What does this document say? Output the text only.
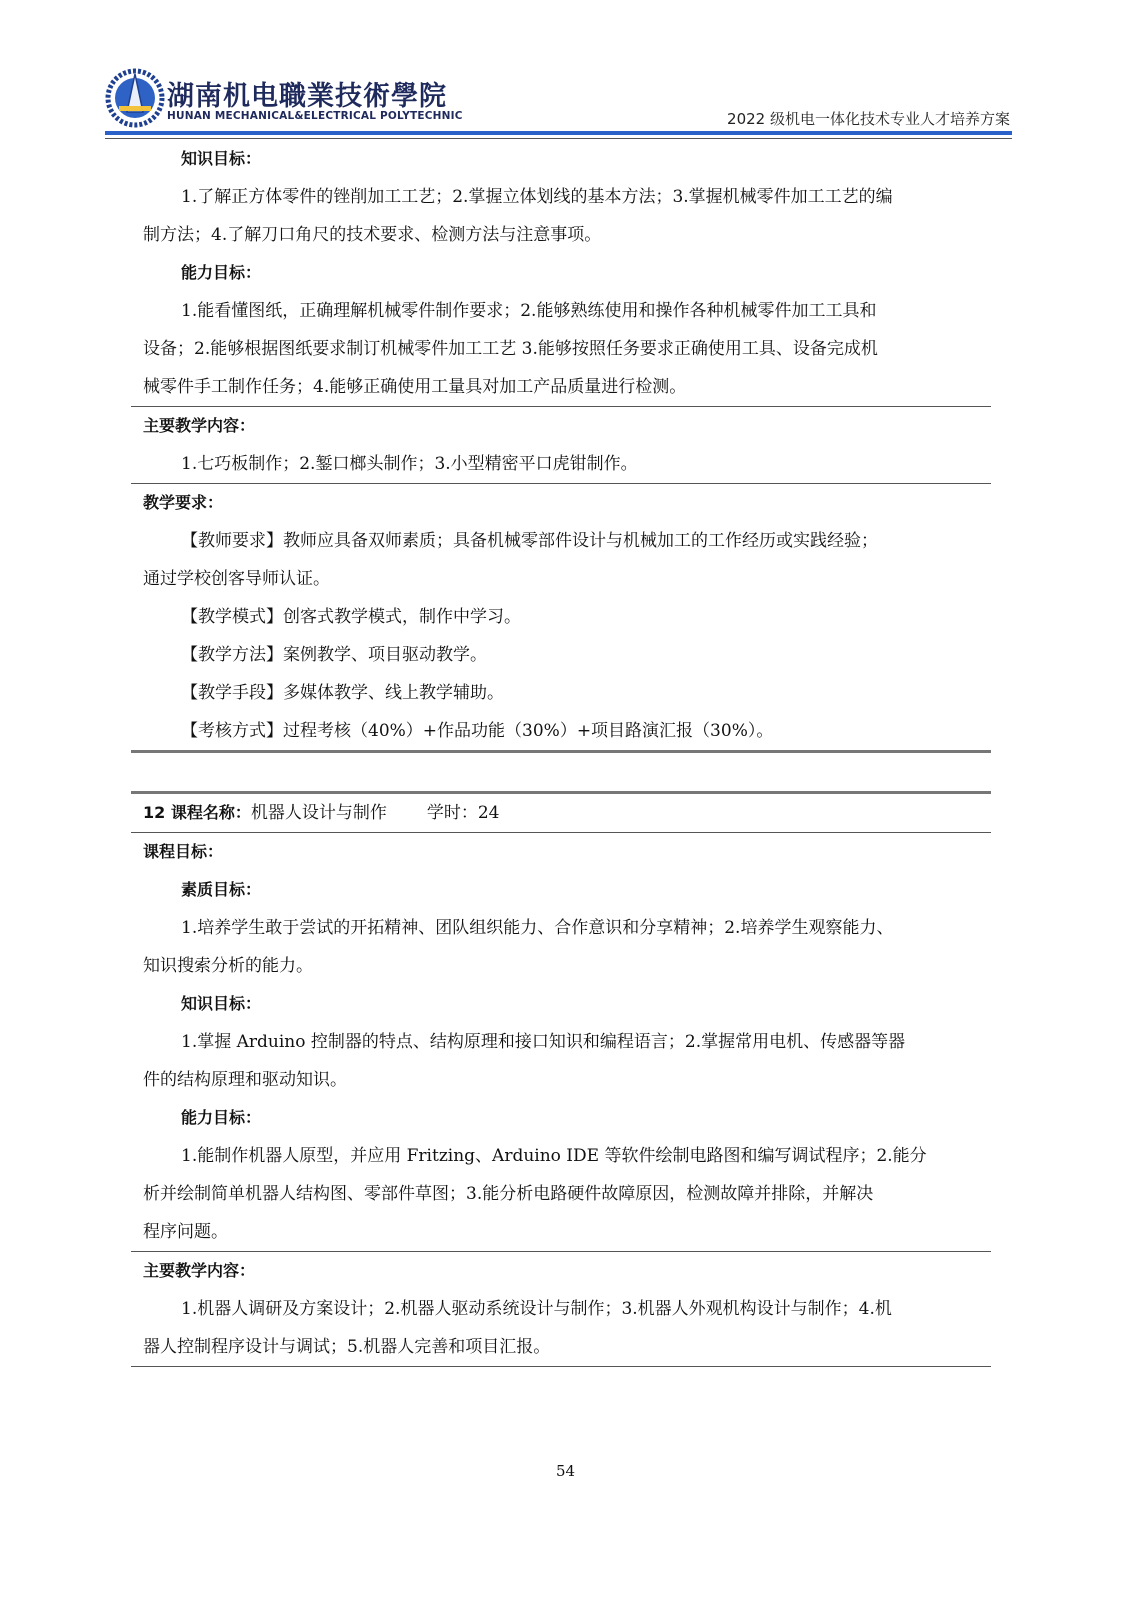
湖南机电職業技術學院
HUNAN MECHANICAL&ELECTRICAL POLYTECHNIC	2022 级机电一体化技术专业人才培养方案
知识目标：
1.了解正方体零件的锉削加工工艺；2.掌握立体划线的基本方法；3.掌握机械零件加工工艺的编
制方法；4.了解刀口角尺的技术要求、检测方法与注意事项。
能力目标：
1.能看懂图纸，正确理解机械零件制作要求；2.能够熟练使用和操作各种机械零件加工工具和
设备；2.能够根据图纸要求制订机械零件加工工艺 3.能够按照任务要求正确使用工具、设备完成机
械零件手工制作任务；4.能够正确使用工量具对加工产品质量进行检测。
主要教学内容：
1.七巧板制作；2.錾口榔头制作；3.小型精密平口虎钳制作。
教学要求：
【教师要求】教师应具备双师素质；具备机械零部件设计与机械加工的工作经历或实践经验；
通过学校创客导师认证。
【教学模式】创客式教学模式，制作中学习。
【教学方法】案例教学、项目驱动教学。
【教学手段】多媒体教学、线上教学辅助。
【考核方式】过程考核（40%）+作品功能（30%）+项目路演汇报（30%）。
12 课程名称：机器人设计与制作 学时：24
课程目标：
素质目标：
1.培养学生敢于尝试的开拓精神、团队组织能力、合作意识和分享精神；2.培养学生观察能力、
知识搜索分析的能力。
知识目标：
1.掌握 Arduino 控制器的特点、结构原理和接口知识和编程语言；2.掌握常用电机、传感器等器
件的结构原理和驱动知识。
能力目标：
1.能制作机器人原型，并应用 Fritzing、Arduino IDE 等软件绘制电路图和编写调试程序；2.能分
析并绘制简单机器人结构图、零部件草图；3.能分析电路硬件故障原因，检测故障并排除，并解决
程序问题。
主要教学内容：
1.机器人调研及方案设计；2.机器人驱动系统设计与制作；3.机器人外观机构设计与制作；4.机
器人控制程序设计与调试；5.机器人完善和项目汇报。
54
